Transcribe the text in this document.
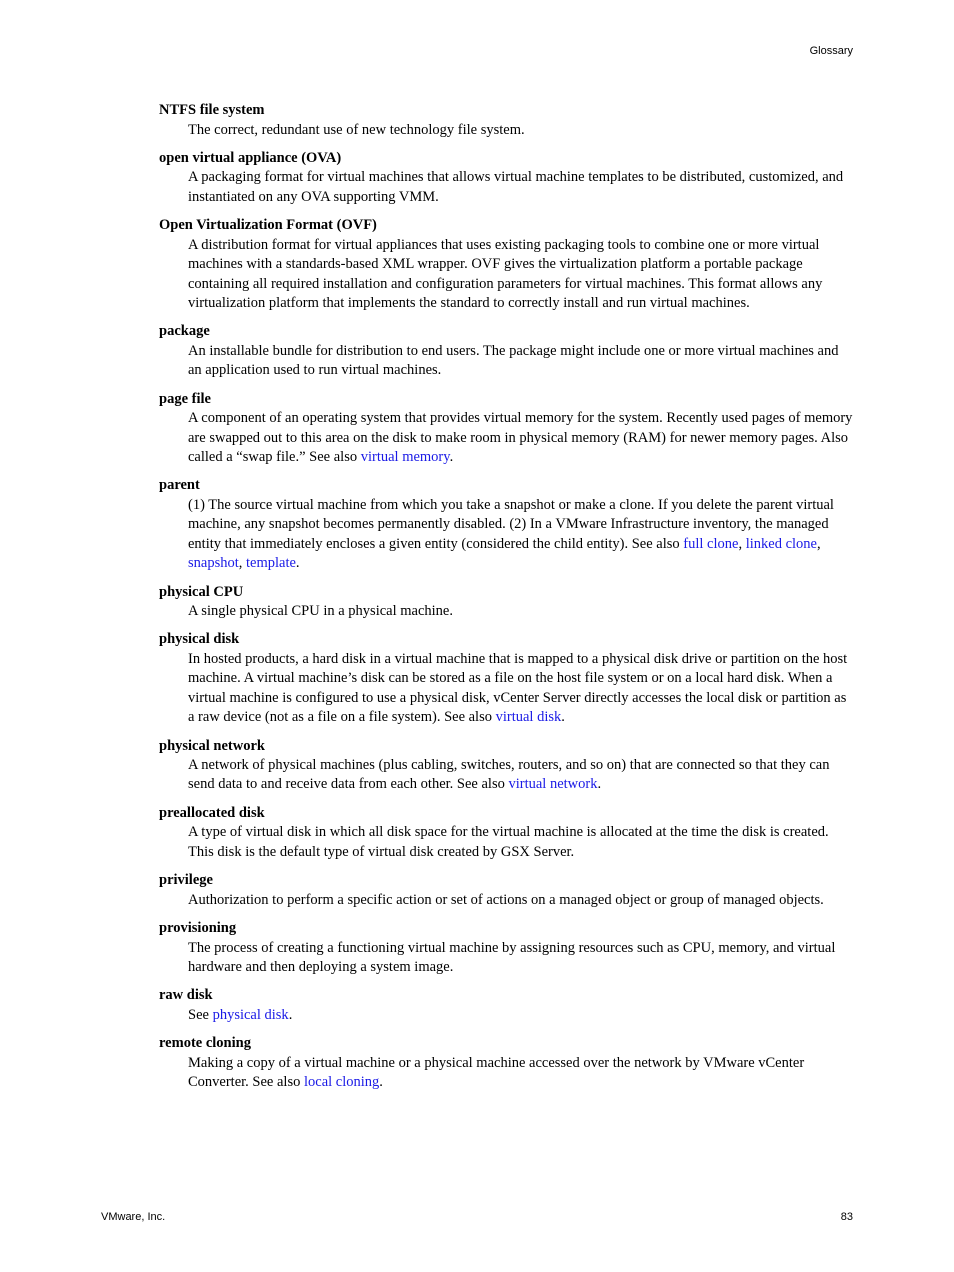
Glossary
NTFS file system
The correct, redundant use of new technology file system.
open virtual appliance (OVA)
A packaging format for virtual machines that allows virtual machine templates to be distributed, customized, and instantiated on any OVA supporting VMM.
Open Virtualization Format (OVF)
A distribution format for virtual appliances that uses existing packaging tools to combine one or more virtual machines with a standards-based XML wrapper. OVF gives the virtualization platform a portable package containing all required installation and configuration parameters for virtual machines. This format allows any virtualization platform that implements the standard to correctly install and run virtual machines.
package
An installable bundle for distribution to end users. The package might include one or more virtual machines and an application used to run virtual machines.
page file
A component of an operating system that provides virtual memory for the system. Recently used pages of memory are swapped out to this area on the disk to make room in physical memory (RAM) for newer memory pages. Also called a “swap file.” See also virtual memory.
parent
(1) The source virtual machine from which you take a snapshot or make a clone. If you delete the parent virtual machine, any snapshot becomes permanently disabled. (2) In a VMware Infrastructure inventory, the managed entity that immediately encloses a given entity (considered the child entity). See also full clone, linked clone, snapshot, template.
physical CPU
A single physical CPU in a physical machine.
physical disk
In hosted products, a hard disk in a virtual machine that is mapped to a physical disk drive or partition on the host machine. A virtual machine’s disk can be stored as a file on the host file system or on a local hard disk. When a virtual machine is configured to use a physical disk, vCenter Server directly accesses the local disk or partition as a raw device (not as a file on a file system). See also virtual disk.
physical network
A network of physical machines (plus cabling, switches, routers, and so on) that are connected so that they can send data to and receive data from each other. See also virtual network.
preallocated disk
A type of virtual disk in which all disk space for the virtual machine is allocated at the time the disk is created. This disk is the default type of virtual disk created by GSX Server.
privilege
Authorization to perform a specific action or set of actions on a managed object or group of managed objects.
provisioning
The process of creating a functioning virtual machine by assigning resources such as CPU, memory, and virtual hardware and then deploying a system image.
raw disk
See physical disk.
remote cloning
Making a copy of a virtual machine or a physical machine accessed over the network by VMware vCenter Converter. See also local cloning.
VMware, Inc.	83
